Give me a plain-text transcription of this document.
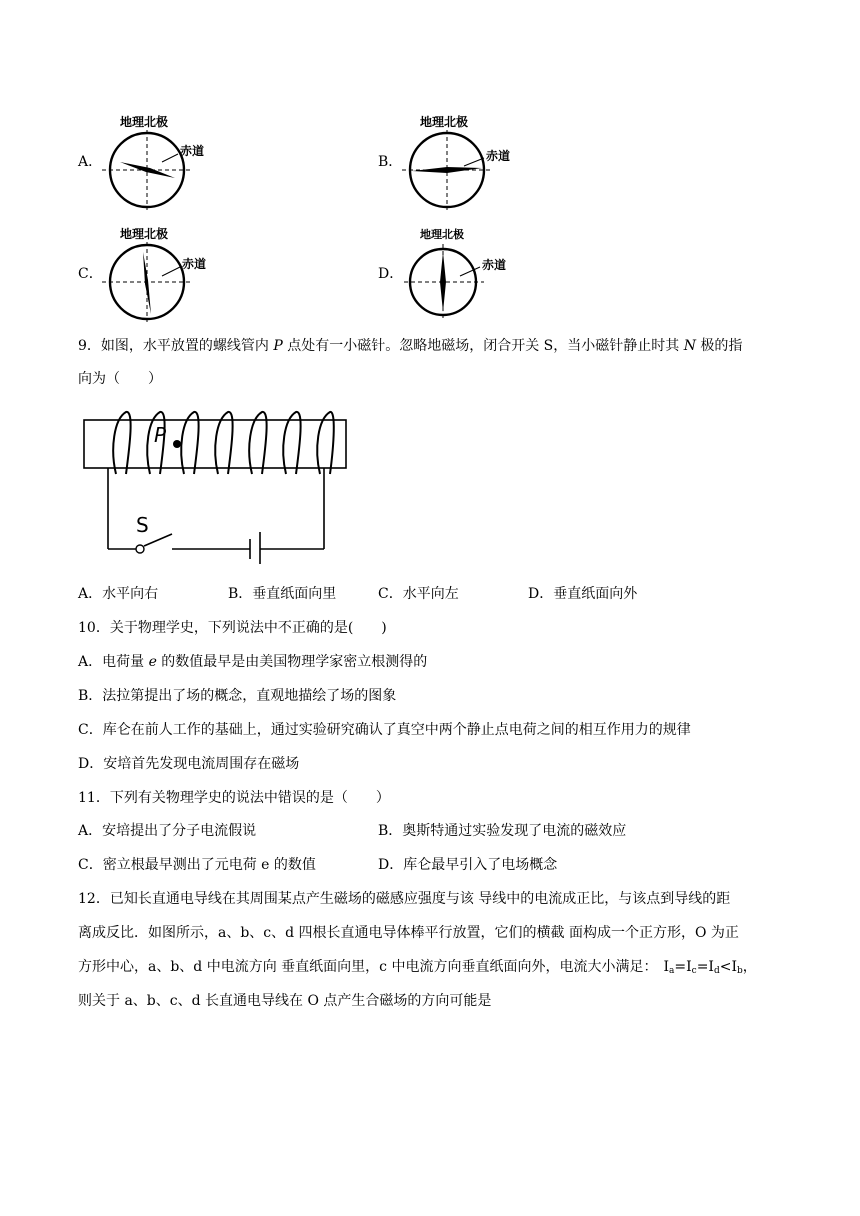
A．
地理北极
赤道
B．
地理北极
赤道
C．
地理北极
赤道
D．
地理北极
赤道
9．如图，水平放置的螺线管内 P 点处有一小磁针。忽略地磁场，闭合开关 S，当小磁针静止时其 N 极的指
向为（　　）
P
S
A．水平向右	B．垂直纸面向里	C．水平向左	D．垂直纸面向外
10．关于物理学史，下列说法中不正确的是(　　)
A．电荷量 e 的数值最早是由美国物理学家密立根测得的
B．法拉第提出了场的概念，直观地描绘了场的图象
C．库仑在前人工作的基础上，通过实验研究确认了真空中两个静止点电荷之间的相互作用力的规律
D．安培首先发现电流周围存在磁场
11．下列有关物理学史的说法中错误的是（　　）
A．安培提出了分子电流假说	B．奥斯特通过实验发现了电流的磁效应
C．密立根最早测出了元电荷 e 的数值	D．库仑最早引入了电场概念
12．已知长直通电导线在其周围某点产生磁场的磁感应强度与该 导线中的电流成正比，与该点到导线的距
离成反比．如图所示，a、b、c、d 四根长直通电导体棒平行放置，它们的横截 面构成一个正方形，O 为正
方形中心，a、b、d 中电流方向 垂直纸面向里，c 中电流方向垂直纸面向外，电流大小满足： $I_a=I_c=I_d<I_b$，
则关于 a、b、c、d 长直通电导线在 O 点产生合磁场的方向可能是
